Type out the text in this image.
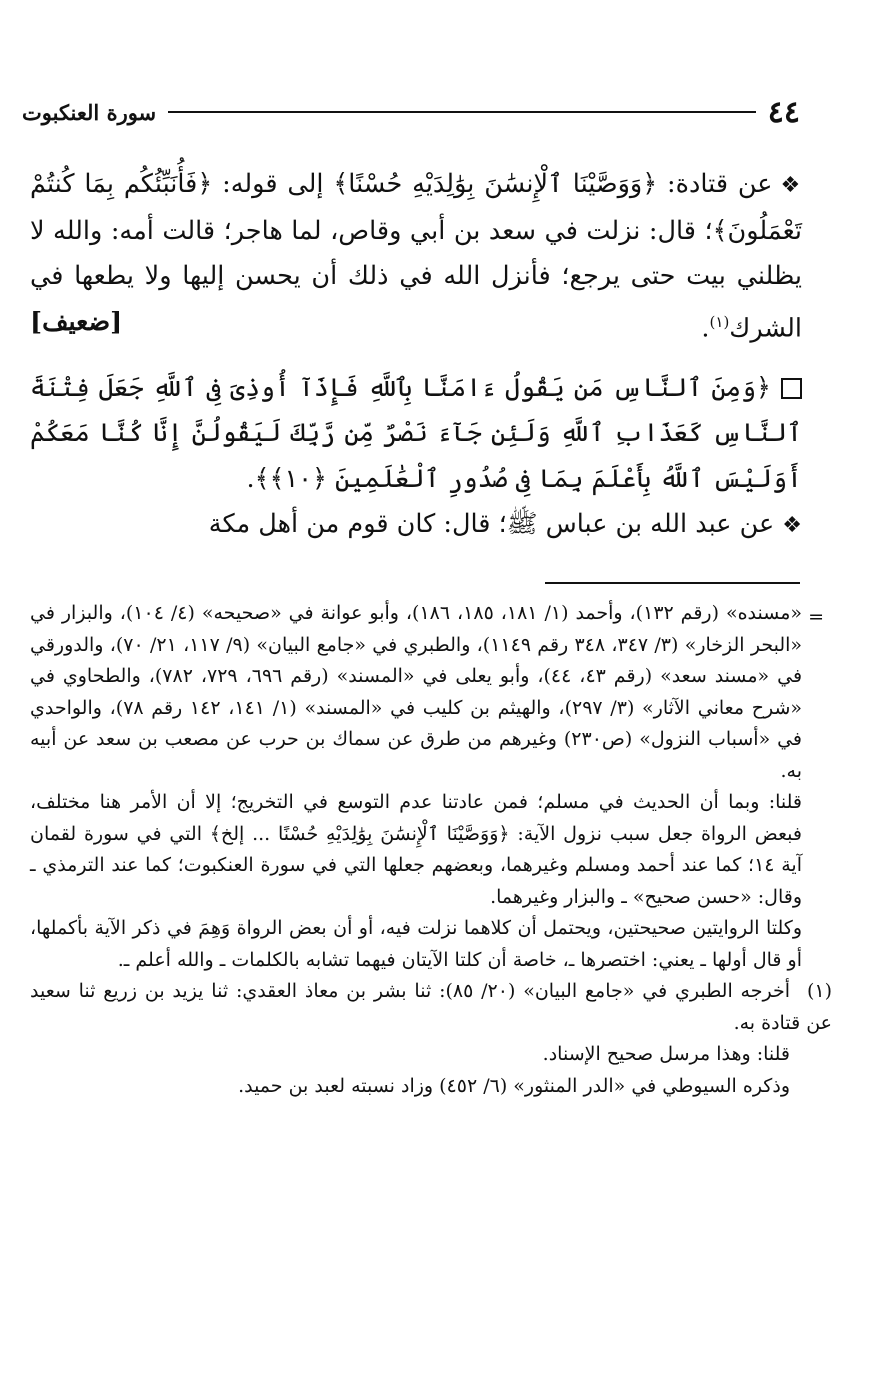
٤٤
سورة العنكبوت

❖عن قتادة: ﴿وَوَصَّيْنَا ٱلْإِنسَٰنَ بِوَٰلِدَيْهِ حُسْنًا﴾ إلى قوله: ﴿فَأُنَبِّئُكُم بِمَا كُنتُمْ تَعْمَلُونَ﴾؛ قال: نزلت في سعد بن أبي وقاص، لما هاجر؛ قالت أمه: والله لا يظلني بيت حتى يرجع؛ فأنزل الله في ذلك أن يحسن إليها ولا يطعها في الشرك$^{(١)}$.
[ضعيف]

﴿وَمِنَ ٱلنَّاسِ مَن يَقُولُ ءَامَنَّا بِٱللَّهِ فَإِذَآ أُوذِىَ فِى ٱللَّهِ جَعَلَ فِتْنَةَ ٱلنَّاسِ كَعَذَابِ ٱللَّهِ وَلَئِن جَآءَ نَصْرٌ مِّن رَّبِّكَ لَيَقُولُنَّ إِنَّا كُنَّا مَعَكُمْ أَوَلَيْسَ ٱللَّهُ بِأَعْلَمَ بِمَا فِى صُدُورِ ٱلْعَٰلَمِينَ ﴿١٠﴾﴾.

❖عن عبد الله بن عباس ﷺ؛ قال: كان قوم من أهل مكة

=

«مسنده» (رقم ١٣٢)، وأحمد (١/ ١٨١، ١٨٥، ١٨٦)، وأبو عوانة في «صحيحه» (٤/ ١٠٤)، والبزار في «البحر الزخار» (٣/ ٣٤٧، ٣٤٨ رقم ١١٤٩)، والطبري في «جامع البيان» (٩/ ١١٧، ٢١/ ٧٠)، والدورقي في «مسند سعد» (رقم ٤٣، ٤٤)، وأبو يعلى في «المسند» (رقم ٦٩٦، ٧٢٩، ٧٨٢)، والطحاوي في «شرح معاني الآثار» (٣/ ٢٩٧)، والهيثم بن كليب في «المسند» (١/ ١٤١، ١٤٢ رقم ٧٨)، والواحدي في «أسباب النزول» (ص٢٣٠) وغيرهم من طرق عن سماك بن حرب عن مصعب بن سعد عن أبيه به.

قلنا: وبما أن الحديث في مسلم؛ فمن عادتنا عدم التوسع في التخريج؛ إلا أن الأمر هنا مختلف، فبعض الرواة جعل سبب نزول الآية: ﴿وَوَصَّيْنَا ٱلْإِنسَٰنَ بِوَٰلِدَيْهِ حُسْنًا ... إلخ﴾ التي في سورة لقمان آية ١٤؛ كما عند أحمد ومسلم وغيرهما، وبعضهم جعلها التي في سورة العنكبوت؛ كما عند الترمذي ـ وقال: «حسن صحيح» ـ والبزار وغيرهما.

وكلتا الروايتين صحيحتين، ويحتمل أن كلاهما نزلت فيه، أو أن بعض الرواة وَهِمَ في ذكر الآية بأكملها، أو قال أولها ـ يعني: اختصرها ـ، خاصة أن كلتا الآيتان فيهما تشابه بالكلمات ـ والله أعلم ـ.

(١)أخرجه الطبري في «جامع البيان» (٢٠/ ٨٥): ثنا بشر بن معاذ العقدي: ثنا يزيد بن زريع ثنا سعيد عن قتادة به.

قلنا: وهذا مرسل صحيح الإسناد.

وذكره السيوطي في «الدر المنثور» (٦/ ٤٥٢) وزاد نسبته لعبد بن حميد.
